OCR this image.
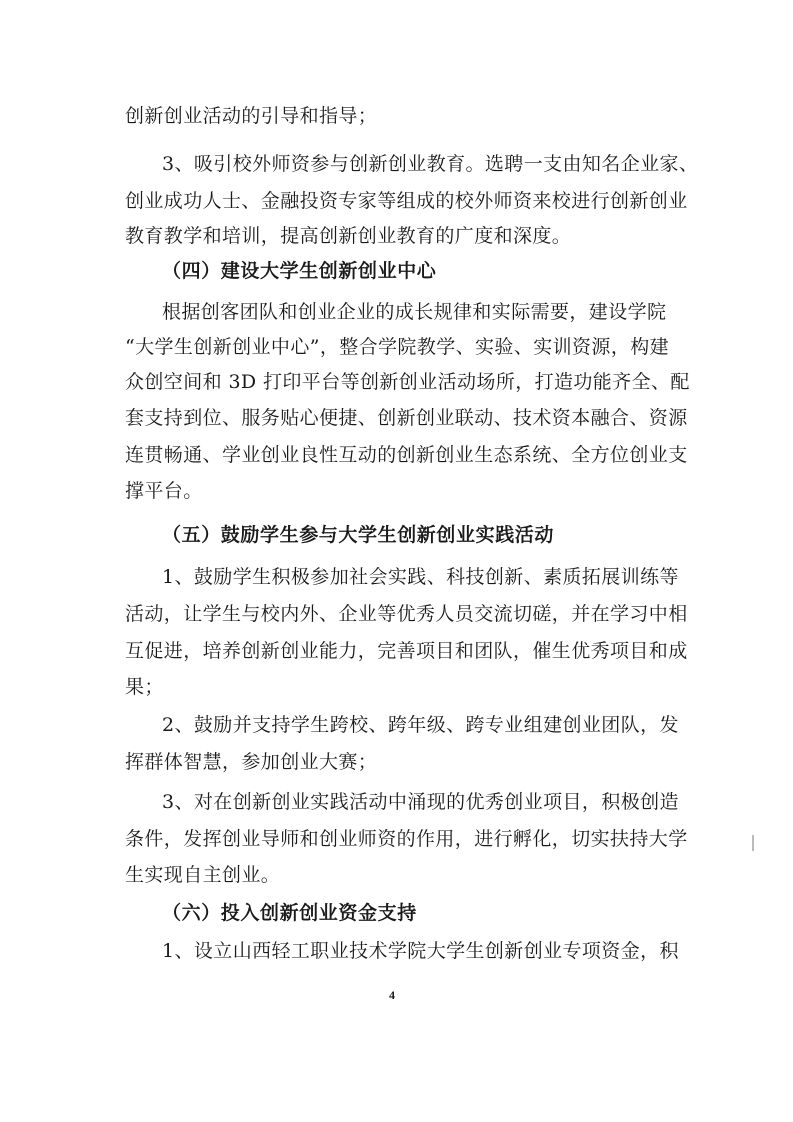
创新创业活动的引导和指导；
3、吸引校外师资参与创新创业教育。选聘一支由知名企业家、
创业成功人士、金融投资专家等组成的校外师资来校进行创新创业
教育教学和培训，提高创新创业教育的广度和深度。
（四）建设大学生创新创业中心
根据创客团队和创业企业的成长规律和实际需要，建设学院
“大学生创新创业中心”，整合学院教学、实验、实训资源，构建
众创空间和 3D 打印平台等创新创业活动场所，打造功能齐全、配
套支持到位、服务贴心便捷、创新创业联动、技术资本融合、资源
连贯畅通、学业创业良性互动的创新创业生态系统、全方位创业支
撑平台。
（五）鼓励学生参与大学生创新创业实践活动
1、鼓励学生积极参加社会实践、科技创新、素质拓展训练等
活动，让学生与校内外、企业等优秀人员交流切磋，并在学习中相
互促进，培养创新创业能力，完善项目和团队，催生优秀项目和成
果；
2、鼓励并支持学生跨校、跨年级、跨专业组建创业团队，发
挥群体智慧，参加创业大赛；
3、对在创新创业实践活动中涌现的优秀创业项目，积极创造
条件，发挥创业导师和创业师资的作用，进行孵化，切实扶持大学
生实现自主创业。
（六）投入创新创业资金支持
1、设立山西轻工职业技术学院大学生创新创业专项资金，积
4
